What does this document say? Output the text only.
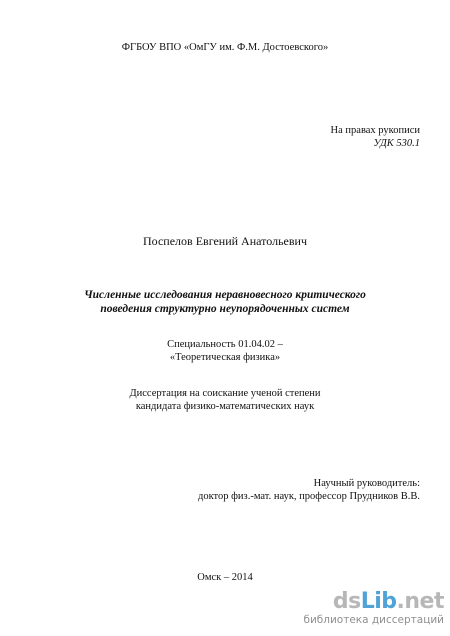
ФГБОУ ВПО «ОмГУ им. Ф.М. Достоевского»
На правах рукописи
УДК 530.1
Поспелов Евгений Анатольевич
Численные исследования неравновесного критического
поведения структурно неупорядоченных систем
Специальность 01.04.02 –
«Теоретическая физика»
Диссертация на соискание ученой степени
кандидата физико-математических наук
Научный руководитель:
доктор физ.-мат. наук, профессор Прудников В.В.
Омск – 2014
dsLib.net
библиотека диссертаций
